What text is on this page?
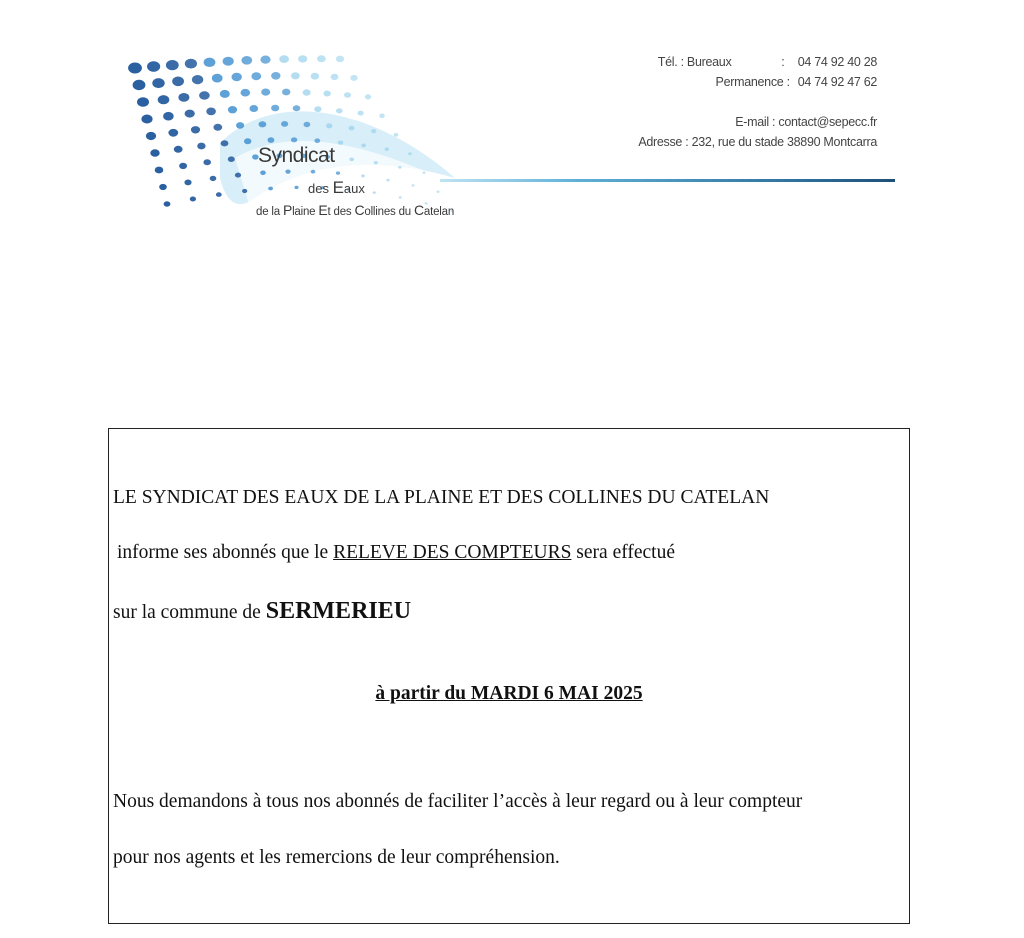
Syndicat
des Eaux
de la Plaine Et des Collines du Catelan
Tél. : Bureaux	: 04 74 92 40 28
Permanence : 04 74 92 47 62
E-mail : contact@sepecc.fr
Adresse : 232, rue du stade 38890 Montcarra
LE SYNDICAT DES EAUX DE LA PLAINE ET DES COLLINES DU CATELAN
informe ses abonnés que le RELEVE DES COMPTEURS sera effectué
sur la commune de SERMERIEU
à partir du MARDI 6 MAI 2025
Nous demandons à tous nos abonnés de faciliter l’accès à leur regard ou à leur compteur
pour nos agents et les remercions de leur compréhension.
